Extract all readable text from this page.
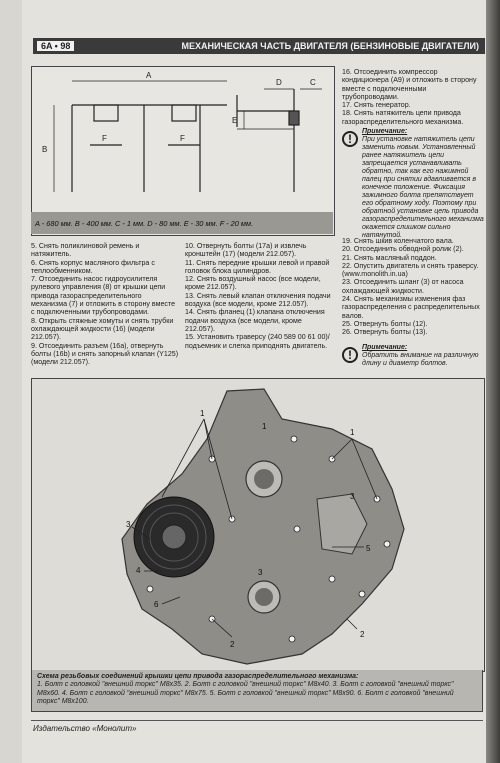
6A • 98	МЕХАНИЧЕСКАЯ ЧАСТЬ ДВИГАТЕЛЯ (БЕНЗИНОВЫЕ ДВИГАТЕЛИ)
A
B
C
D
E
F	F
A - 680 мм. B - 400 мм. C - 1 мм. D - 80 мм. E - 30 мм. F - 20 мм.

5. Снять поликлиновой ремень и натяжитель.

6. Снять корпус масляного фильтра с теплообменником.

7. Отсоединить насос гидроусилителя рулевого управления (8) от крышки цепи привода газораспределительного механизма (7) и отложить в сторону вместе с подключенными трубопроводами.

8. Открыть стяжные хомуты и снять трубки охлаждающей жидкости (16) (модели 212.057).

9. Отсоединить разъем (16а), отвернуть болты (16b) и снять запорный клапан (Y125) (модели 212.057).

10. Отвернуть болты (17а) и извлечь кронштейн (17) (модели 212.057).

11. Снять передние крышки левой и правой головок блока цилиндров.

12. Снять воздушный насос (все модели, кроме 212.057).

13. Снять левый клапан отключения подачи воздуха (все модели, кроме 212.057).

14. Снять фланец (1) клапана отключения подачи воздуха (все модели, кроме 212.057).

15. Установить траверсу (240 589 00 61 00)/подъемник и слегка приподнять двигатель.

16. Отсоединить компрессор кондиционера (А9) и отложить в сторону вместе с подключенными трубопроводами.

17. Снять генератор.

18. Снять натяжитель цепи привода газораспределительного механизма.

!
Примечание:
При установке натяжитель цепи заменить новым. Установленный ранее натяжитель цепи запрещается устанавливать обратно, так как его нажимной палец при снятии вдавливается в конечное положение. Фиксация зажимного болта препятствует его обратному ходу. Поэтому при обратной установке цепь привода газораспределительного механизма окажется слишком сильно натянутой.

19. Снять шкив коленчатого вала.

20. Отсоединить обводной ролик (2).

21. Снять масляный поддон.

22. Опустить двигатель и снять траверсу. (www.monolith.in.ua)

23. Отсоединить шланг (3) от насоса охлаждающей жидкости.

24. Снять механизмы изменения фаз газораспределения с распределительных валов.

25. Отвернуть болты (12).

26. Отвернуть болты (13).

!
Примечание:
Обратить внимание на различную длину и диаметр болтов.
1
1
1
2
2
3
3
3
4
5
6
Схема резьбовых соединений крышки цепи привода газораспределительного механизма:
1. Болт с головкой "внешний торкс" M8x35. 2. Болт с головкой "внешний торкс" M8x40. 3. Болт с головкой "внешний торкс" M8x60. 4. Болт с головкой "внешний торкс" M8x75. 5. Болт с головкой "внешний торкс" M8x90. 6. Болт с головкой "внешний торкс" M8x100.
Издательство «Монолит»
